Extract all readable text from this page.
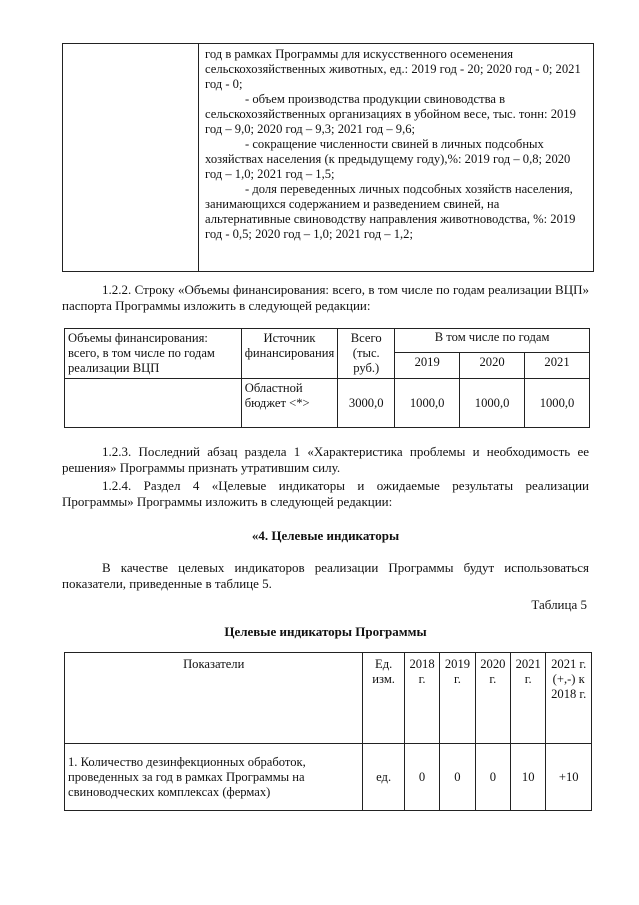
год в рамках Программы для искусственного осеменения сельскохозяйственных животных, ед.: 2019 год - 20; 2020 год - 0; 2021 год - 0;

- объем производства продукции свиноводства в сельскохозяйственных организациях в убойном весе, тыс. тонн: 2019 год – 9,0; 2020 год – 9,3; 2021 год – 9,6;

- сокращение численности свиней в личных подсобных хозяйствах населения (к предыдущему году),%: 2019 год – 0,8; 2020 год – 1,0; 2021 год – 1,5;

- доля переведенных личных подсобных хозяйств населения, занимающихся содержанием и разведением свиней, на альтернативные свиноводству направления животноводства, %: 2019 год - 0,5; 2020 год – 1,0; 2021 год – 1,2;

1.2.2. Строку «Объемы финансирования: всего, в том числе по годам реализации ВЦП» паспорта Программы изложить в следующей редакции:

Объемы финансирования: всего, в том числе по годам реализации ВЦП	Источник финансирования	Всего (тыс. руб.)	В том числе по годам		
			2019	2020	2021
	Областной бюджет <*>	3000,0	1000,0	1000,0	1000,0

1.2.3. Последний абзац раздела 1 «Характеристика проблемы и необходимость ее решения» Программы признать утратившим силу.

1.2.4. Раздел 4 «Целевые индикаторы и ожидаемые результаты реализации Программы» Программы изложить в следующей редакции:

«4. Целевые индикаторы

В качестве целевых индикаторов реализации Программы будут использоваться показатели, приведенные в таблице 5.

Таблица 5
Целевые индикаторы Программы
Показатели	Ед. изм.	2018 г.	2019 г.	2020 г.	2021 г.	2021 г. (+,-) к 2018 г.
1. Количество дезинфекционных обработок, проведенных за год в рамках Программы на свиноводческих комплексах (фермах)	ед.	0	0	0	10	+10
